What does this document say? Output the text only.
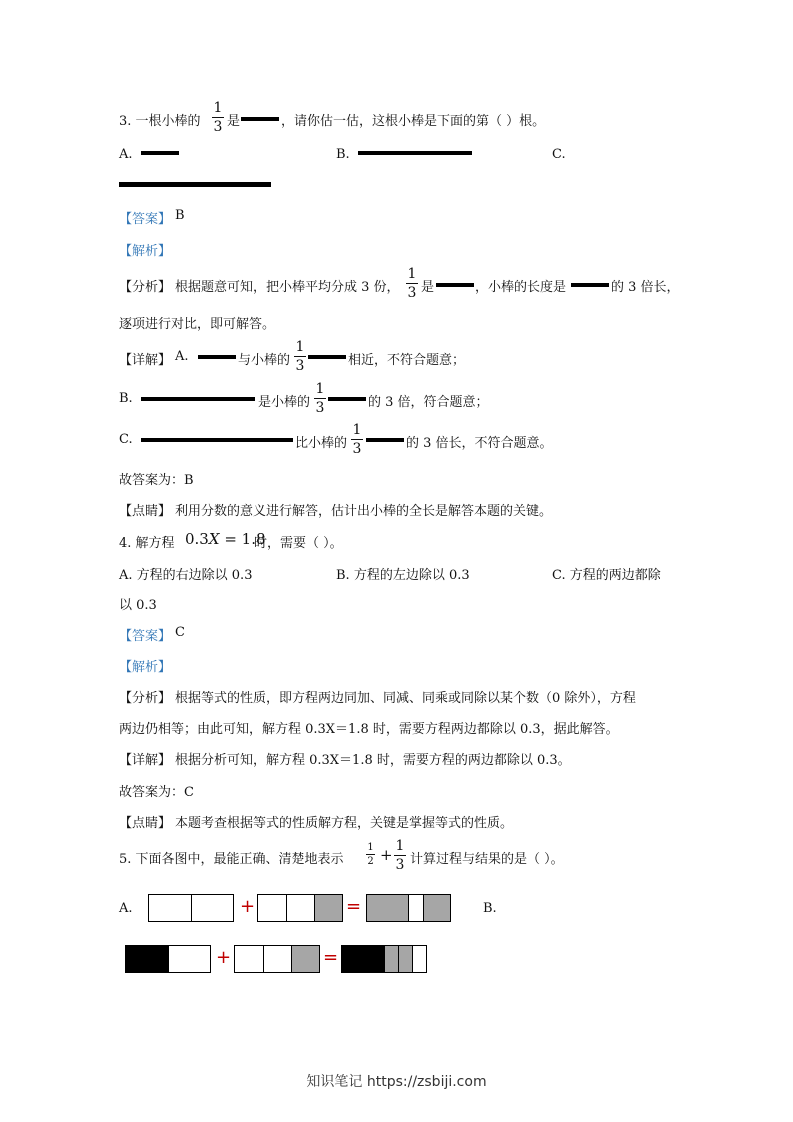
3. 一根小棒的
1
3 是	，请你估一估，这根小棒是下面的第（ ）根。
A.	B.	C.
【答案】 B
【解析】
【分析】 根据题意可知，把小棒平均分成 3 份，
1
3 是	，小棒的长度是	的 3 倍长，
逐项进行对比，即可解答。
【详解】 A.	与小棒的
1
3	相近，不符合题意；
B.	是小棒的
1
3	的 3 倍，符合题意；
C.	比小棒的
1
3	的 3 倍长，不符合题意。
故答案为：B
【点睛】 利用分数的意义进行解答，估计出小棒的全长是解答本题的关键。
4. 解方程 0.3X = 1.8
时，需要（ ）。
A. 方程的右边除以 0.3	B. 方程的左边除以 0.3	C. 方程的两边都除
以 0.3
【答案】 C
【解析】
【分析】 根据等式的性质，即方程两边同加、同减、同乘或同除以某个数（0 除外），方程
两边仍相等；由此可知，解方程 0.3X＝1.8 时，需要方程两边都除以 0.3，据此解答。
【详解】 根据分析可知，解方程 0.3X＝1.8 时，需要方程的两边都除以 0.3。
故答案为：C
【点睛】 本题考查根据等式的性质解方程，关键是掌握等式的性质。
5. 下面各图中，最能正确、清楚地表示
1
2 + 1
3 计算过程与结果的是（ ）。
A.	+	=	B.
+	=
知识笔记 https://zsbiji.com
